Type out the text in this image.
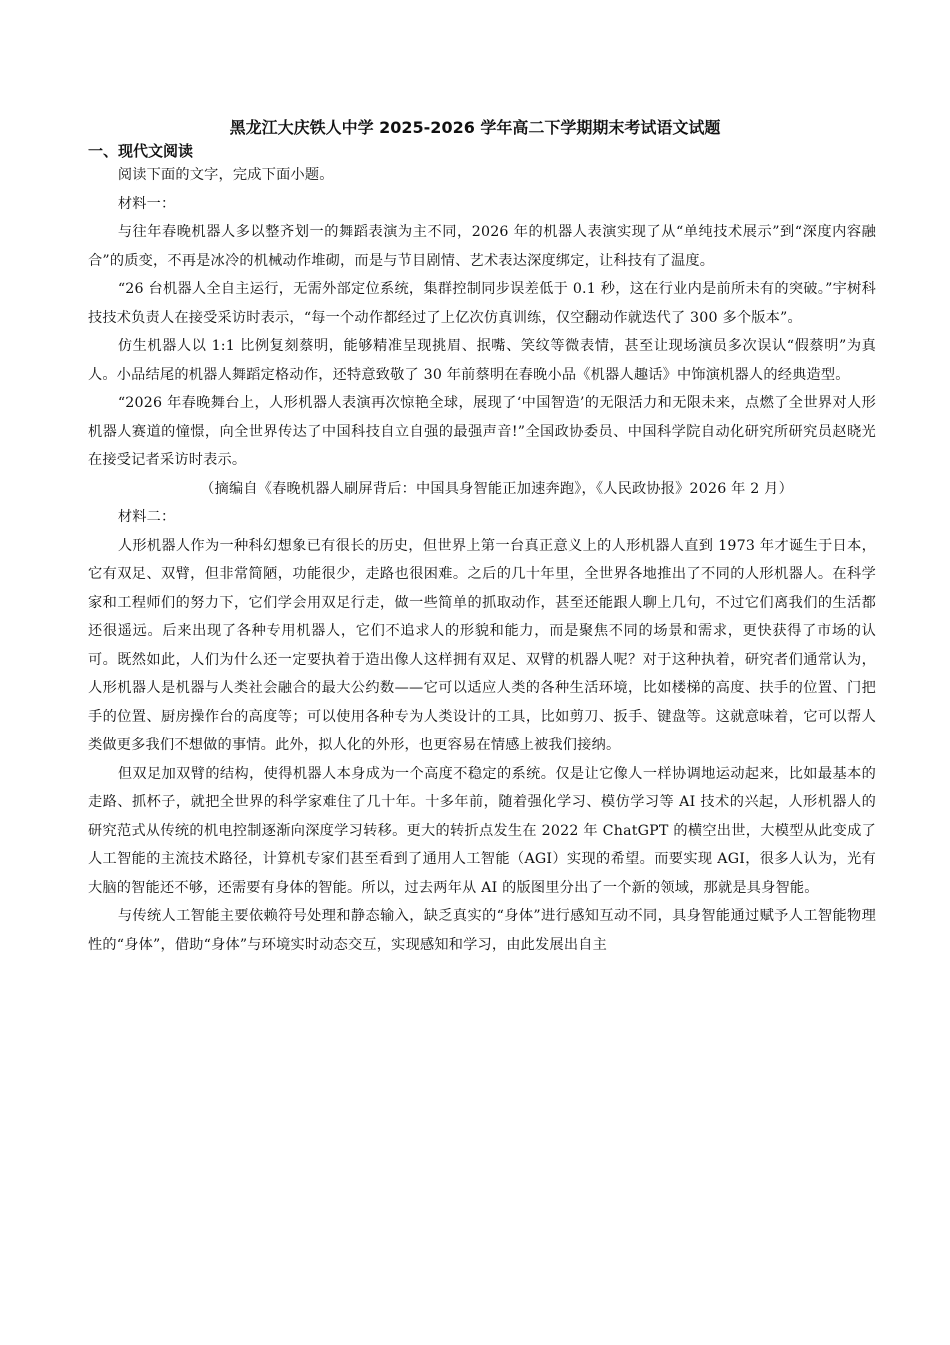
黑龙江大庆铁人中学 2025-2026 学年高二下学期期末考试语文试题
一、现代文阅读

阅读下面的文字，完成下面小题。

材料一：

与往年春晚机器人多以整齐划一的舞蹈表演为主不同，2026 年的机器人表演实现了从“单纯技术展示”到“深度内容融合”的质变，不再是冰冷的机械动作堆砌，而是与节目剧情、艺术表达深度绑定，让科技有了温度。

“26 台机器人全自主运行，无需外部定位系统，集群控制同步误差低于 0.1 秒，这在行业内是前所未有的突破。”宇树科技技术负责人在接受采访时表示，“每一个动作都经过了上亿次仿真训练，仅空翻动作就迭代了 300 多个版本”。

仿生机器人以 1:1 比例复刻蔡明，能够精准呈现挑眉、抿嘴、笑纹等微表情，甚至让现场演员多次误认“假蔡明”为真人。小品结尾的机器人舞蹈定格动作，还特意致敬了 30 年前蔡明在春晚小品《机器人趣话》中饰演机器人的经典造型。

“2026 年春晚舞台上，人形机器人表演再次惊艳全球，展现了‘中国智造’的无限活力和无限未来，点燃了全世界对人形机器人赛道的憧憬，向全世界传达了中国科技自立自强的最强声音!”全国政协委员、中国科学院自动化研究所研究员赵晓光在接受记者采访时表示。

（摘编自《春晚机器人刷屏背后：中国具身智能正加速奔跑》，《人民政协报》2026 年 2 月）

材料二：

人形机器人作为一种科幻想象已有很长的历史，但世界上第一台真正意义上的人形机器人直到 1973 年才诞生于日本，它有双足、双臂，但非常简陋，功能很少，走路也很困难。之后的几十年里，全世界各地推出了不同的人形机器人。在科学家和工程师们的努力下，它们学会用双足行走，做一些简单的抓取动作，甚至还能跟人聊上几句，不过它们离我们的生活都还很遥远。后来出现了各种专用机器人，它们不追求人的形貌和能力，而是聚焦不同的场景和需求，更快获得了市场的认可。既然如此，人们为什么还一定要执着于造出像人这样拥有双足、双臂的机器人呢？对于这种执着，研究者们通常认为，人形机器人是机器与人类社会融合的最大公约数——它可以适应人类的各种生活环境，比如楼梯的高度、扶手的位置、门把手的位置、厨房操作台的高度等；可以使用各种专为人类设计的工具，比如剪刀、扳手、键盘等。这就意味着，它可以帮人类做更多我们不想做的事情。此外，拟人化的外形，也更容易在情感上被我们接纳。

但双足加双臂的结构，使得机器人本身成为一个高度不稳定的系统。仅是让它像人一样协调地运动起来，比如最基本的走路、抓杯子，就把全世界的科学家难住了几十年。十多年前，随着强化学习、模仿学习等 AI 技术的兴起，人形机器人的研究范式从传统的机电控制逐渐向深度学习转移。更大的转折点发生在 2022 年 ChatGPT 的横空出世，大模型从此变成了人工智能的主流技术路径，计算机专家们甚至看到了通用人工智能（AGI）实现的希望。而要实现 AGI，很多人认为，光有大脑的智能还不够，还需要有身体的智能。所以，过去两年从 AI 的版图里分出了一个新的领域，那就是具身智能。

与传统人工智能主要依赖符号处理和静态输入，缺乏真实的“身体”进行感知互动不同，具身智能通过赋予人工智能物理性的“身体”，借助“身体”与环境实时动态交互，实现感知和学习，由此发展出自主
